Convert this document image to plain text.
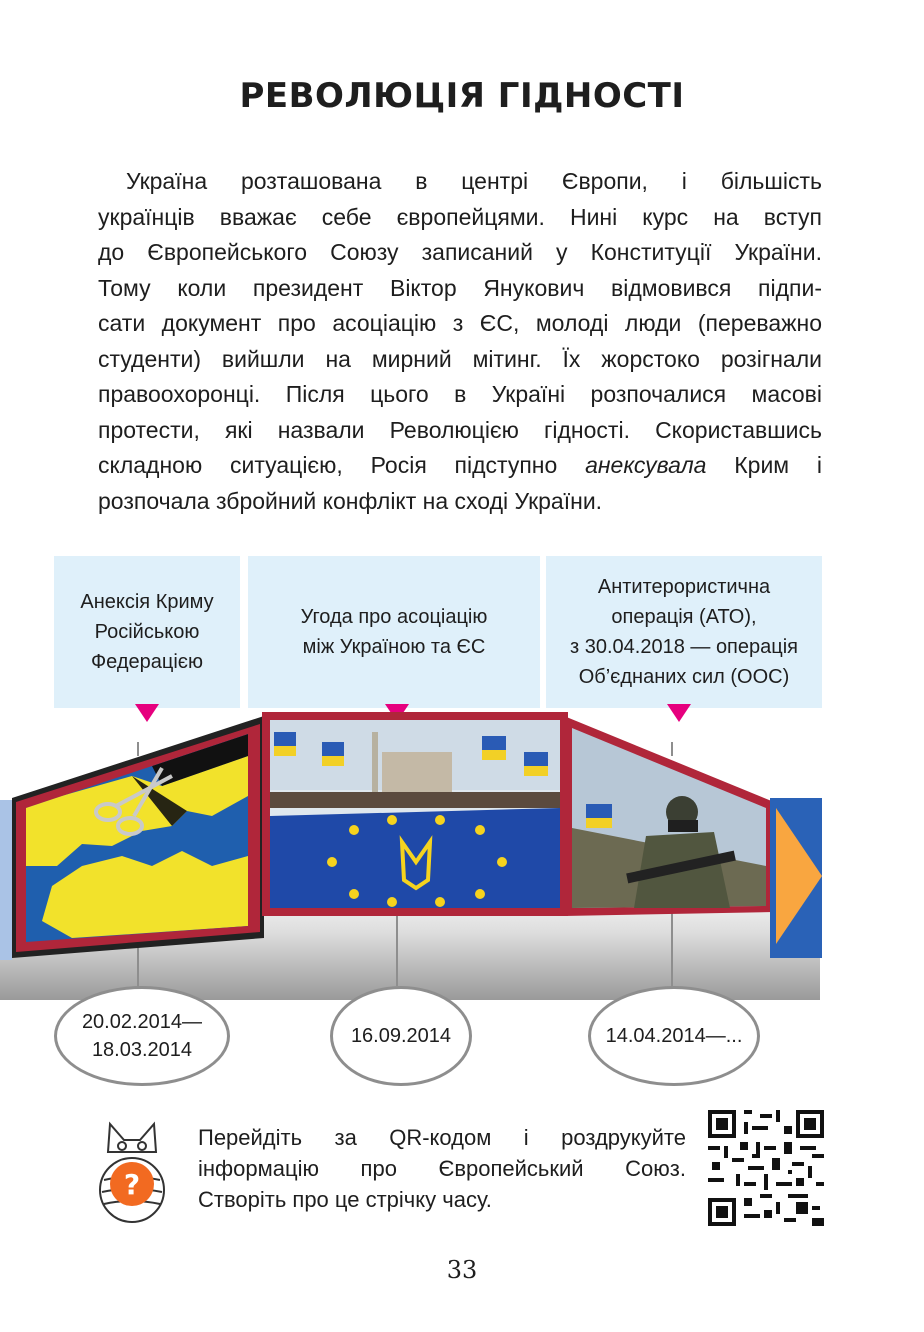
РЕВОЛЮЦІЯ ГІДНОСТІ
Україна розташована в центрі Європи, і більшість
українців вважає себе європейцями. Нині курс на вступ
до Європейського Союзу записаний у Конституції України.
Тому коли президент Віктор Янукович відмовився підпи-
сати документ про асоціацію з ЄС, молоді люди (переважно
студенти) вийшли на мирний мітинг. Їх жорстоко розігнали
правоохоронці. Після цього в Україні розпочалися масові
протести, які назвали Революцією гідності. Скориставшись
складною ситуацією, Росія підступно анексувала Крим і
розпочала збройний конфлікт на сході України.
Анексія Криму
Російською
Федерацією
Угода про асоціацію
між Україною та ЄС
Антитерористична
операція (АТО),
з 30.04.2018 — операція
Об’єднаних сил (ООС)
20.02.2014—
18.03.2014
16.09.2014	14.04.2014—...
?
Перейдіть за QR-кодом і роздрукуйте
інформацію про Європейський Союз.
Створіть про це стрічку часу.
33
